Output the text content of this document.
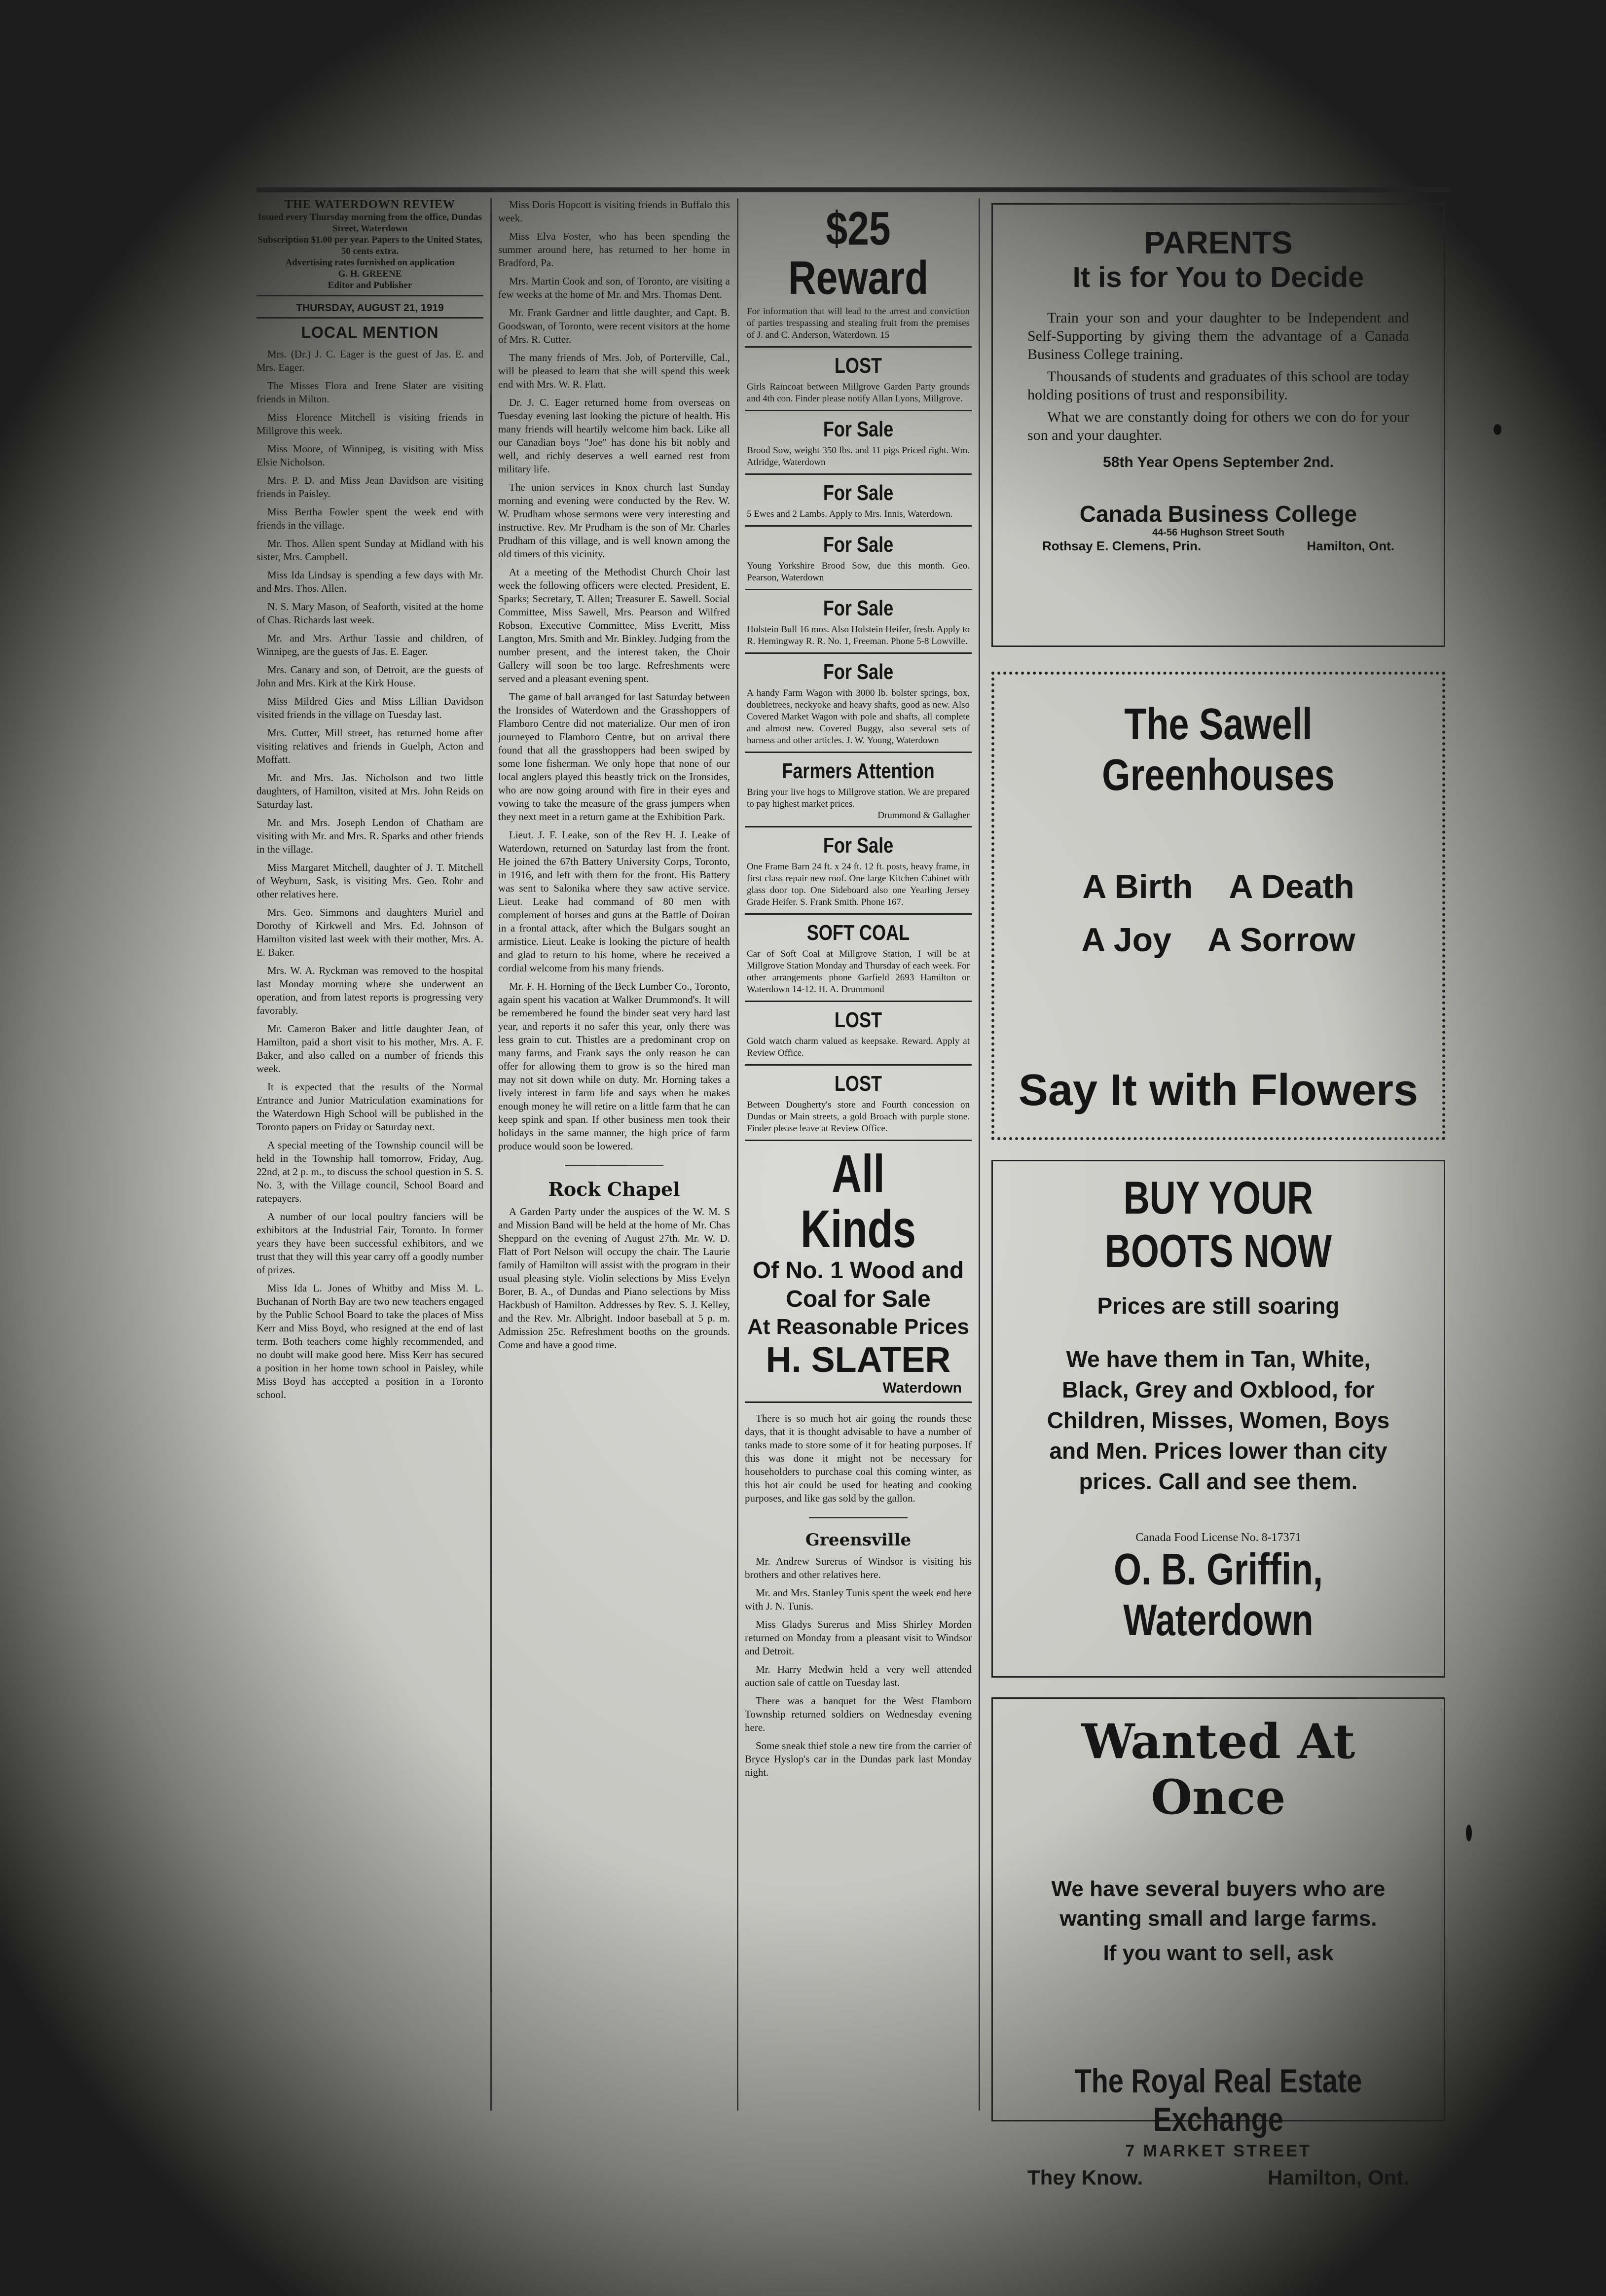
THE WATERDOWN REVIEW
Issued every Thursday morning from the office, Dundas Street, Waterdown
Subscription $1.00 per year. Papers to the United States, 50 cents extra.
Advertising rates furnished on application
G. H. GREENE
Editor and Publisher
THURSDAY, AUGUST 21, 1919
LOCAL MENTION

Mrs. (Dr.) J. C. Eager is the guest of Jas. E. and Mrs. Eager.

The Misses Flora and Irene Slater are visiting friends in Milton.

Miss Florence Mitchell is visiting friends in Millgrove this week.

Miss Moore, of Winnipeg, is visiting with Miss Elsie Nicholson.

Mrs. P. D. and Miss Jean Davidson are visiting friends in Paisley.

Miss Bertha Fowler spent the week end with friends in the village.

Mr. Thos. Allen spent Sunday at Midland with his sister, Mrs. Campbell.

Miss Ida Lindsay is spending a few days with Mr. and Mrs. Thos. Allen.

N. S. Mary Mason, of Seaforth, visited at the home of Chas. Richards last week.

Mr. and Mrs. Arthur Tassie and children, of Winnipeg, are the guests of Jas. E. Eager.

Mrs. Canary and son, of Detroit, are the guests of John and Mrs. Kirk at the Kirk House.

Miss Mildred Gies and Miss Lillian Davidson visited friends in the village on Tuesday last.

Mrs. Cutter, Mill street, has returned home after visiting relatives and friends in Guelph, Acton and Moffatt.

Mr. and Mrs. Jas. Nicholson and two little daughters, of Hamilton, visited at Mrs. John Reids on Saturday last.

Mr. and Mrs. Joseph Lendon of Chatham are visiting with Mr. and Mrs. R. Sparks and other friends in the village.

Miss Margaret Mitchell, daughter of J. T. Mitchell of Weyburn, Sask, is visiting Mrs. Geo. Rohr and other relatives here.

Mrs. Geo. Simmons and daughters Muriel and Dorothy of Kirkwell and Mrs. Ed. Johnson of Hamilton visited last week with their mother, Mrs. A. E. Baker.

Mrs. W. A. Ryckman was removed to the hospital last Monday morning where she underwent an operation, and from latest reports is progressing very favorably.

Mr. Cameron Baker and little daughter Jean, of Hamilton, paid a short visit to his mother, Mrs. A. F. Baker, and also called on a number of friends this week.

It is expected that the results of the Normal Entrance and Junior Matriculation examinations for the Waterdown High School will be published in the Toronto papers on Friday or Saturday next.

A special meeting of the Township council will be held in the Township hall tomorrow, Friday, Aug. 22nd, at 2 p. m., to discuss the school question in S. S. No. 3, with the Village council, School Board and ratepayers.

A number of our local poultry fanciers will be exhibitors at the Industrial Fair, Toronto. In former years they have been successful exhibitors, and we trust that they will this year carry off a goodly number of prizes.

Miss Ida L. Jones of Whitby and Miss M. L. Buchanan of North Bay are two new teachers engaged by the Public School Board to take the places of Miss Kerr and Miss Boyd, who resigned at the end of last term. Both teachers come highly recommended, and no doubt will make good here. Miss Kerr has secured a position in her home town school in Paisley, while Miss Boyd has accepted a position in a Toronto school.

Miss Doris Hopcott is visiting friends in Buffalo this week.

Miss Elva Foster, who has been spending the summer around here, has returned to her home in Bradford, Pa.

Mrs. Martin Cook and son, of Toronto, are visiting a few weeks at the home of Mr. and Mrs. Thomas Dent.

Mr. Frank Gardner and little daughter, and Capt. B. Goodswan, of Toronto, were recent visitors at the home of Mrs. R. Cutter.

The many friends of Mrs. Job, of Porterville, Cal., will be pleased to learn that she will spend this week end with Mrs. W. R. Flatt.

Dr. J. C. Eager returned home from overseas on Tuesday evening last looking the picture of health. His many friends will heartily welcome him back. Like all our Canadian boys "Joe" has done his bit nobly and well, and richly deserves a well earned rest from military life.

The union services in Knox church last Sunday morning and evening were conducted by the Rev. W. W. Prudham whose sermons were very interesting and instructive. Rev. Mr Prudham is the son of Mr. Charles Prudham of this village, and is well known among the old timers of this vicinity.

At a meeting of the Methodist Church Choir last week the following officers were elected. President, E. Sparks; Secretary, T. Allen; Treasurer E. Sawell. Social Committee, Miss Sawell, Mrs. Pearson and Wilfred Robson. Executive Committee, Miss Everitt, Miss Langton, Mrs. Smith and Mr. Binkley. Judging from the number present, and the interest taken, the Choir Gallery will soon be too large. Refreshments were served and a pleasant evening spent.

The game of ball arranged for last Saturday between the Ironsides of Waterdown and the Grasshoppers of Flamboro Centre did not materialize. Our men of iron journeyed to Flamboro Centre, but on arrival there found that all the grasshoppers had been swiped by some lone fisherman. We only hope that none of our local anglers played this beastly trick on the Ironsides, who are now going around with fire in their eyes and vowing to take the measure of the grass jumpers when they next meet in a return game at the Exhibition Park.

Lieut. J. F. Leake, son of the Rev H. J. Leake of Waterdown, returned on Saturday last from the front. He joined the 67th Battery University Corps, Toronto, in 1916, and left with them for the front. His Battery was sent to Salonika where they saw active service. Lieut. Leake had command of 80 men with complement of horses and guns at the Battle of Doiran in a frontal attack, after which the Bulgars sought an armistice. Lieut. Leake is looking the picture of health and glad to return to his home, where he received a cordial welcome from his many friends.

Mr. F. H. Horning of the Beck Lumber Co., Toronto, again spent his vacation at Walker Drummond's. It will be remembered he found the binder seat very hard last year, and reports it no safer this year, only there was less grain to cut. Thistles are a predominant crop on many farms, and Frank says the only reason he can offer for allowing them to grow is so the hired man may not sit down while on duty. Mr. Horning takes a lively interest in farm life and says when he makes enough money he will retire on a little farm that he can keep spink and span. If other business men took their holidays in the same manner, the high price of farm produce would soon be lowered.

Rock Chapel

A Garden Party under the auspices of the W. M. S and Mission Band will be held at the home of Mr. Chas Sheppard on the evening of August 27th. Mr. W. D. Flatt of Port Nelson will occupy the chair. The Laurie family of Hamilton will assist with the program in their usual pleasing style. Violin selections by Miss Evelyn Borer, B. A., of Dundas and Piano selections by Miss Hackbush of Hamilton. Addresses by Rev. S. J. Kelley, and the Rev. Mr. Albright. Indoor baseball at 5 p. m. Admission 25c. Refreshment booths on the grounds. Come and have a good time.

$25 Reward
For information that will lead to the arrest and conviction of parties trespassing and stealing fruit from the premises of J. and C. Anderson, Waterdown. 15
LOST
Girls Raincoat between Millgrove Garden Party grounds and 4th con. Finder please notify Allan Lyons, Millgrove.
For Sale
Brood Sow, weight 350 lbs. and 11 pigs Priced right. Wm. Atlridge, Waterdown
For Sale
5 Ewes and 2 Lambs. Apply to Mrs. Innis, Waterdown.
For Sale
Young Yorkshire Brood Sow, due this month. Geo. Pearson, Waterdown
For Sale
Holstein Bull 16 mos. Also Holstein Heifer, fresh. Apply to R. Hemingway R. R. No. 1, Freeman. Phone 5-8 Lowville.
For Sale
A handy Farm Wagon with 3000 lb. bolster springs, box, doubletrees, neckyoke and heavy shafts, good as new. Also Covered Market Wagon with pole and shafts, all complete and almost new. Covered Buggy, also several sets of harness and other articles. J. W. Young, Waterdown
Farmers Attention
Bring your live hogs to Millgrove station. We are prepared to pay highest market prices.
Drummond & Gallagher
For Sale
One Frame Barn 24 ft. x 24 ft. 12 ft. posts, heavy frame, in first class repair new roof. One large Kitchen Cabinet with glass door top. One Sideboard also one Yearling Jersey Grade Heifer. S. Frank Smith. Phone 167.
SOFT COAL
Car of Soft Coal at Millgrove Station, I will be at Millgrove Station Monday and Thursday of each week. For other arrangements phone Garfield 2693 Hamilton or Waterdown 14-12. H. A. Drummond
LOST
Gold watch charm valued as keepsake. Reward. Apply at Review Office.
LOST
Between Dougherty's store and Fourth concession on Dundas or Main streets, a gold Broach with purple stone. Finder please leave at Review Office.
All Kinds
Of No. 1 Wood and
Coal for Sale
At Reasonable Prices
H. SLATER
Waterdown

There is so much hot air going the rounds these days, that it is thought advisable to have a number of tanks made to store some of it for heating purposes. If this was done it might not be necessary for householders to purchase coal this coming winter, as this hot air could be used for heating and cooking purposes, and like gas sold by the gallon.

Greensville

Mr. Andrew Surerus of Windsor is visiting his brothers and other relatives here.

Mr. and Mrs. Stanley Tunis spent the week end here with J. N. Tunis.

Miss Gladys Surerus and Miss Shirley Morden returned on Monday from a pleasant visit to Windsor and Detroit.

Mr. Harry Medwin held a very well attended auction sale of cattle on Tuesday last.

There was a banquet for the West Flamboro Township returned soldiers on Wednesday evening here.

Some sneak thief stole a new tire from the carrier of Bryce Hyslop's car in the Dundas park last Monday night.

PARENTS
It is for You to Decide

Train your son and your daughter to be Independent and Self-Supporting by giving them the advantage of a Canada Business College training.

Thousands of students and graduates of this school are today holding positions of trust and responsibility.

What we are constantly doing for others we con do for your son and your daughter.

58th Year Opens September 2nd.
Canada Business College
44-56 Hughson Street South
Rothsay E. Clemens, Prin.	Hamilton, Ont.
The Sawell Greenhouses
A Birth    A Death
A Joy    A Sorrow
Say It with Flowers
BUY YOUR BOOTS NOW
Prices are still soaring
We have them in Tan, White, Black, Grey and Oxblood, for Children, Misses, Women, Boys and Men. Prices lower than city prices. Call and see them.
Canada Food License No. 8-17371
O. B. Griffin, Waterdown
Wanted At Once
We have several buyers who are
wanting small and large farms.
If you want to sell, ask
The Royal Real Estate Exchange
7 MARKET STREET
They Know.	Hamilton, Ont.
